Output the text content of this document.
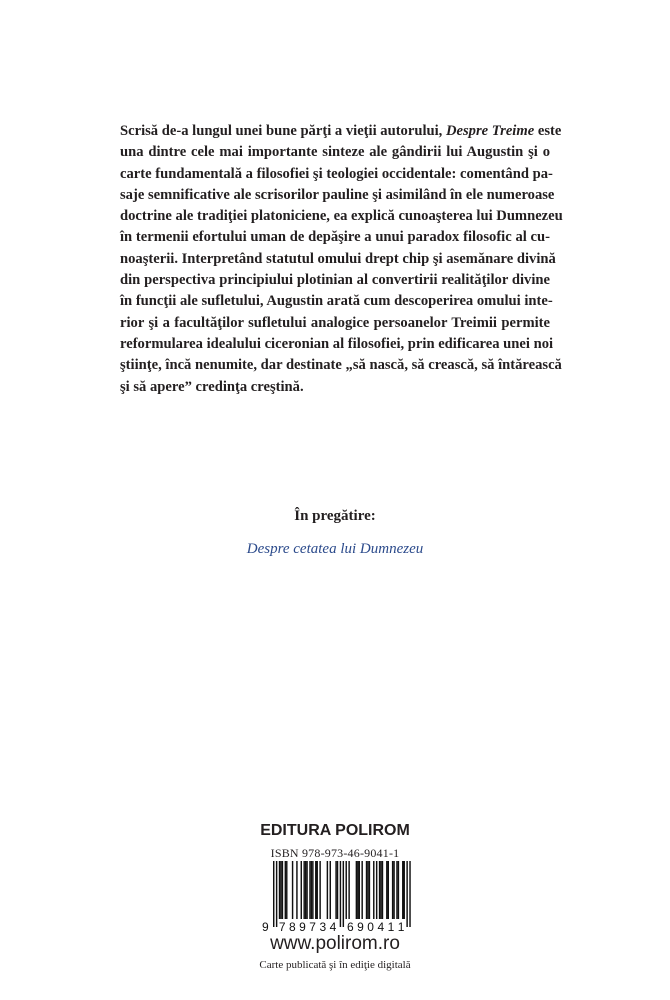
Scrisă de-a lungul unei bune părţi a vieţii autorului, Despre Treime este
una dintre cele mai importante sinteze ale gândirii lui Augustin şi o
carte fundamentală a filosofiei şi teologiei occidentale: comentând pa-
saje semnificative ale scrisorilor pauline şi asimilând în ele numeroase
doctrine ale tradiţiei platoniciene, ea explică cunoaşterea lui Dumnezeu
în termenii efortului uman de depăşire a unui paradox filosofic al cu-
noaşterii. Interpretând statutul omului drept chip şi asemănare divină
din perspectiva principiului plotinian al convertirii realităţilor divine
în funcţii ale sufletului, Augustin arată cum descoperirea omului inte-
rior şi a facultăţilor sufletului analogice persoanelor Treimii permite
reformularea idealului ciceronian al filosofiei, prin edificarea unei noi
ştiinţe, încă nenumite, dar destinate „să nască, să crească, să întărească
şi să apere” credinţa creştină.
În pregătire:
Despre cetatea lui Dumnezeu
EDITURA POLIROM
ISBN 978-973-46-9041-1
9 7 8 9 7 3 4 6 9 0 4 1 1
www.polirom.ro
Carte publicată şi în ediţie digitală
